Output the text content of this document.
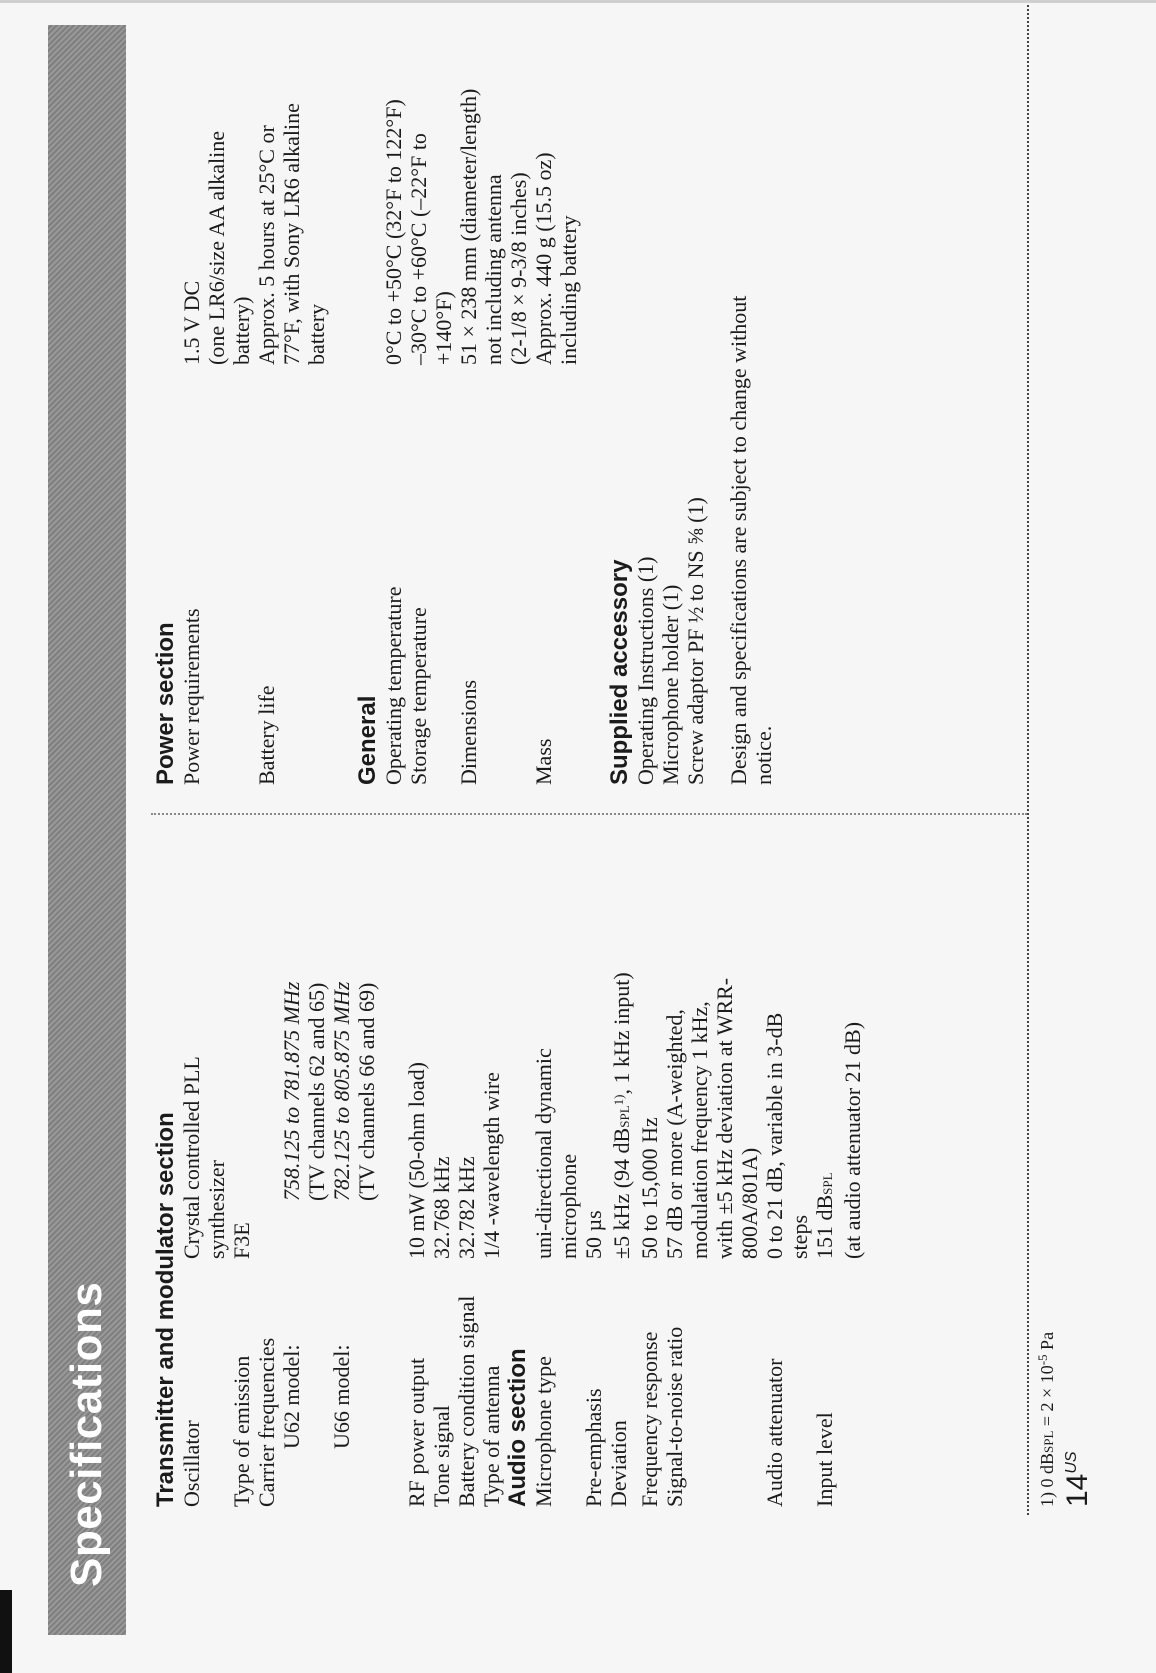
Specifications Transmitter and modulator section Oscillator
Crystal controlled PLL synthesizer
Type of emission
F3E
Carrier frequencies U62 model:
758.125 to 781.875 MHz (TV channels 62 and 65)
U66 model:
782.125 to 805.875 MHz (TV channels 66 and 69)
RF power output
10 mW (50-ohm load)
Tone signal
32.768 kHz
Battery condition signal
32.782 kHz
Type of antenna
1/4 -wavelength wire
Audio section Microphone type
uni-directional dynamic microphone
Pre-emphasis
50 µs
Deviation
±5 kHz (94 dBSPL$^{1)}$, 1 kHz input)
Frequency response
50 to 15,000 Hz
Signal-to-noise ratio
57 dB or more (A-weighted, modulation frequency 1 kHz, with ±5 kHz deviation at WRR- 800A/801A)
Audio attenuator
0 to 21 dB, variable in 3-dB steps
Input level
151 dBSPL (at audio attenuator 21 dB)
Power section Power requirements
1.5 V DC (one LR6/size AA alkaline battery)
Battery life
Approx. 5 hours at 25°C or 77°F, with Sony LR6 alkaline battery
General Operating temperature
0°C to +50°C (32°F to 122°F)
Storage temperature
–30°C to +60°C (–22°F to +140°F)
Dimensions
51 × 238 mm (diameter/length) not including antenna (2-1/8 × 9-3/8 inches)
Mass
Approx. 440 g (15.5 oz) including battery
Supplied accessory Operating Instructions (1) Microphone holder (1) Screw adaptor PF ½ to NS ⅝ (1) Design and specifications are subject to change without notice.
1) 0 dBSPL = $2 \times 10^{-5}$ Pa
$14^{US}$
